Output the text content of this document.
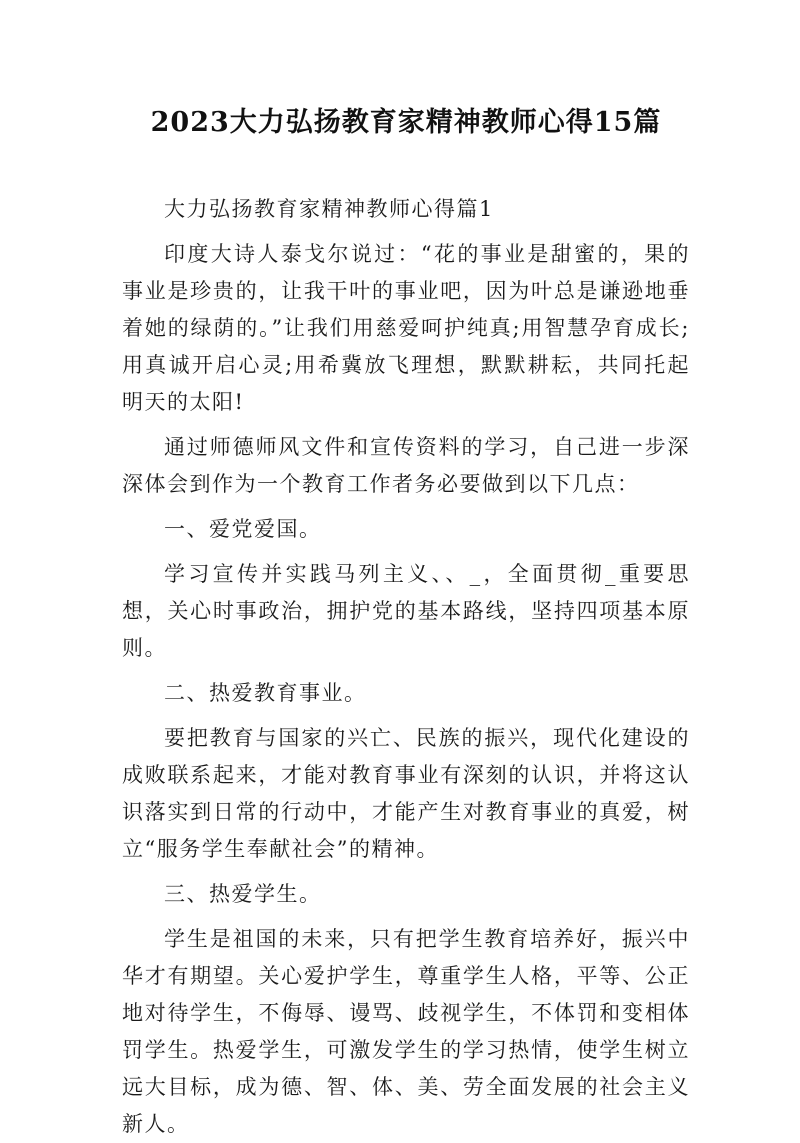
2023大力弘扬教育家精神教师心得15篇

大力弘扬教育家精神教师心得篇1

印度大诗人泰戈尔说过：“花的事业是甜蜜的，果的事业是珍贵的，让我干叶的事业吧，因为叶总是谦逊地垂着她的绿荫的。”让我们用慈爱呵护纯真;用智慧孕育成长;用真诚开启心灵;用希冀放飞理想，默默耕耘，共同托起明天的太阳!

通过师德师风文件和宣传资料的学习，自己进一步深深体会到作为一个教育工作者务必要做到以下几点：

一、爱党爱国。

学习宣传并实践马列主义、、_，全面贯彻_重要思想，关心时事政治，拥护党的基本路线，坚持四项基本原则。

二、热爱教育事业。

要把教育与国家的兴亡、民族的振兴，现代化建设的成败联系起来，才能对教育事业有深刻的认识，并将这认识落实到日常的行动中，才能产生对教育事业的真爱，树立“服务学生奉献社会”的精神。

三、热爱学生。

学生是祖国的未来，只有把学生教育培养好，振兴中华才有期望。关心爱护学生，尊重学生人格，平等、公正地对待学生，不侮辱、谩骂、歧视学生，不体罚和变相体罚学生。热爱学生，可激发学生的学习热情，使学生树立远大目标，成为德、智、体、美、劳全面发展的社会主义新人。
